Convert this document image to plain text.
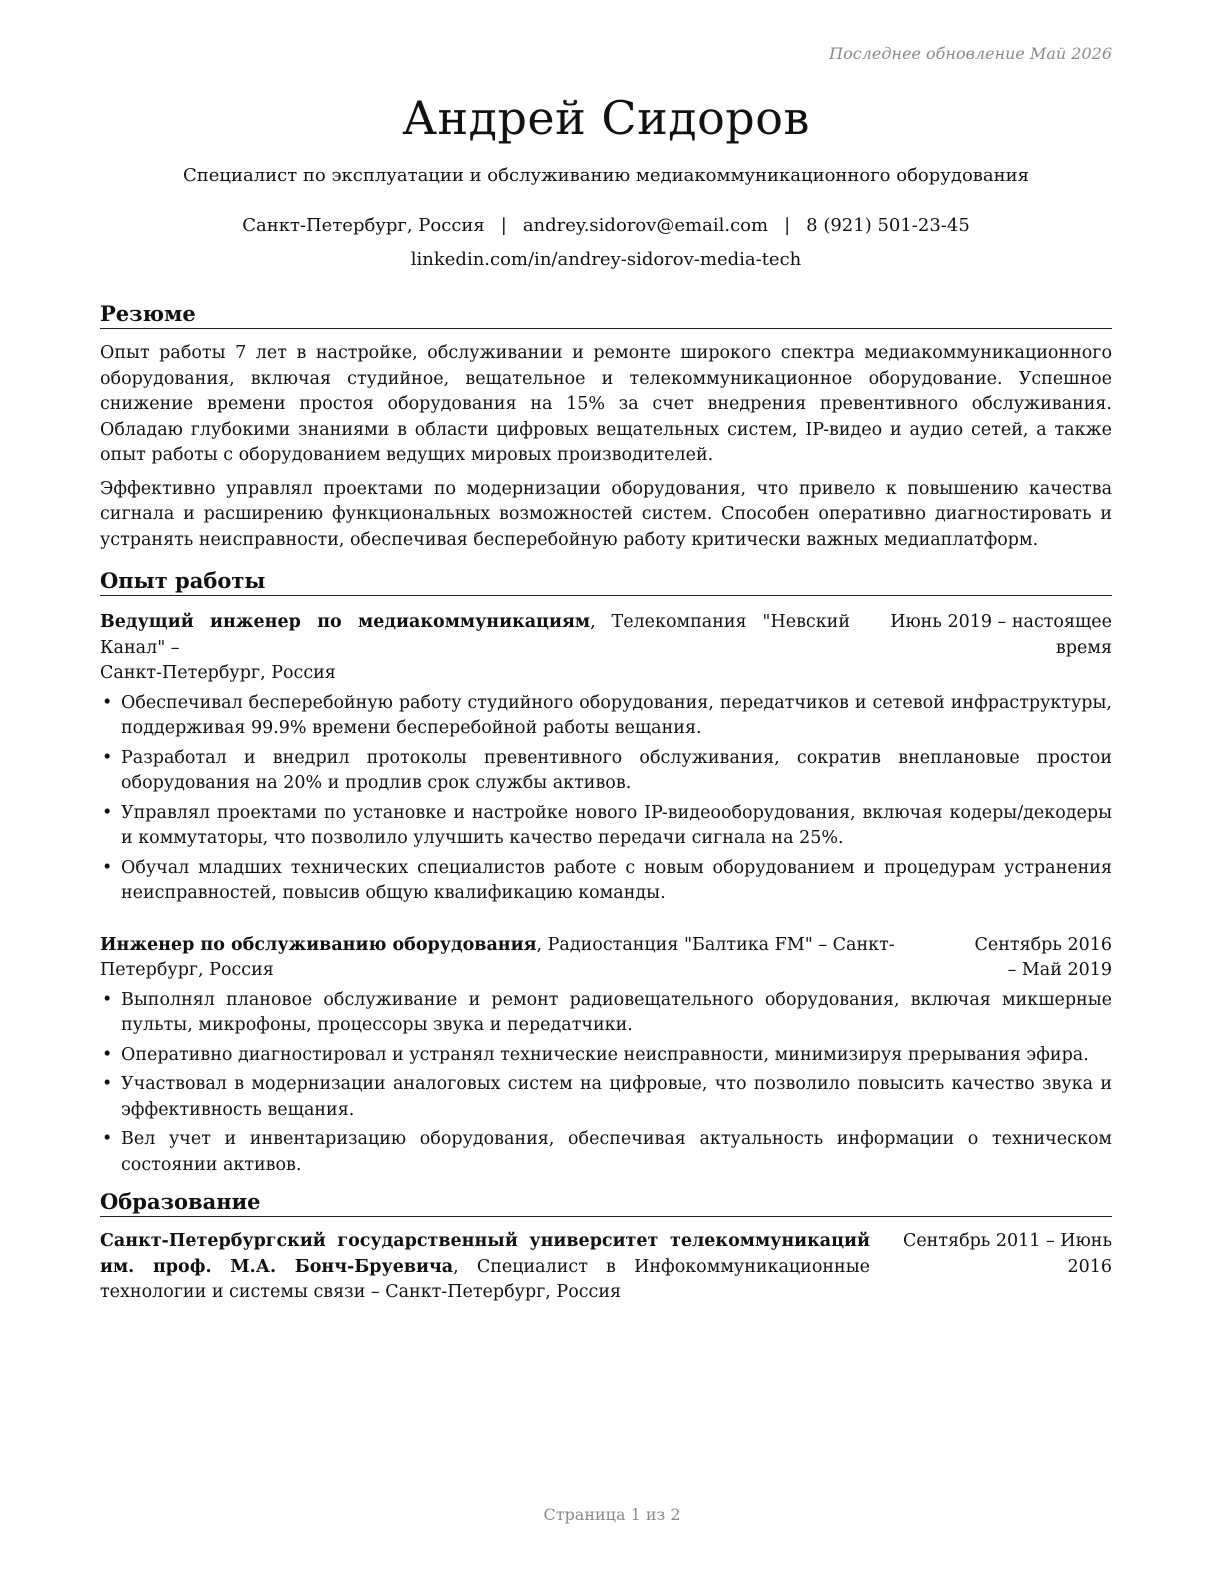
Последнее обновление Май 2026
Андрей Сидоров
Специалист по эксплуатации и обслуживанию медиакоммуникационного оборудования
Санкт-Петербург, Россия | andrey.sidorov@email.com | 8 (921) 501-23-45
linkedin.com/in/andrey-sidorov-media-tech
Резюме

Опыт работы 7 лет в настройке, обслуживании и ремонте широкого спектра медиакоммуникационного оборудования, включая студийное, вещательное и телекоммуникационное оборудование. Успешное снижение времени простоя оборудования на 15% за счет внедрения превентивного обслуживания. Обладаю глубокими знаниями в области цифровых вещательных систем, IP-видео и аудио сетей, а также опыт работы с оборудованием ведущих мировых производителей.

Эффективно управлял проектами по модернизации оборудования, что привело к повышению качества сигнала и расширению функциональных возможностей систем. Способен оперативно диагностировать и устранять неисправности, обеспечивая бесперебойную работу критически важных медиаплатформ.

Опыт работы
Ведущий инженер по медиакоммуникациям, Телекомпания "Невский Канал" –
Санкт-Петербург, Россия
Июнь 2019 – настоящее время
• Обеспечивал бесперебойную работу студийного оборудования, передатчиков и сетевой инфраструктуры, поддерживая 99.9% времени бесперебойной работы вещания.
• Разработал и внедрил протоколы превентивного обслуживания, сократив внеплановые простои оборудования на 20% и продлив срок службы активов.
• Управлял проектами по установке и настройке нового IP-видеооборудования, включая кодеры/декодеры и коммутаторы, что позволило улучшить качество передачи сигнала на 25%.
• Обучал младших технических специалистов работе с новым оборудованием и процедурам устранения неисправностей, повысив общую квалификацию команды.
Инженер по обслуживанию оборудования, Радиостанция "Балтика FM" – Санкт-
Петербург, Россия
Сентябрь 2016 – Май 2019
• Выполнял плановое обслуживание и ремонт радиовещательного оборудования, включая микшерные пульты, микрофоны, процессоры звука и передатчики.
• Оперативно диагностировал и устранял технические неисправности, минимизируя прерывания эфира.
• Участвовал в модернизации аналоговых систем на цифровые, что позволило повысить качество звука и эффективность вещания.
• Вел учет и инвентаризацию оборудования, обеспечивая актуальность информации о техническом состоянии активов.
Образование
Санкт-Петербургский государственный университет телекоммуникаций им. проф. М.А. Бонч-Бруевича, Специалист в Инфокоммуникационные технологии и системы связи – Санкт-Петербург, Россия
Сентябрь 2011 – Июнь 2016
Страница 1 из 2
